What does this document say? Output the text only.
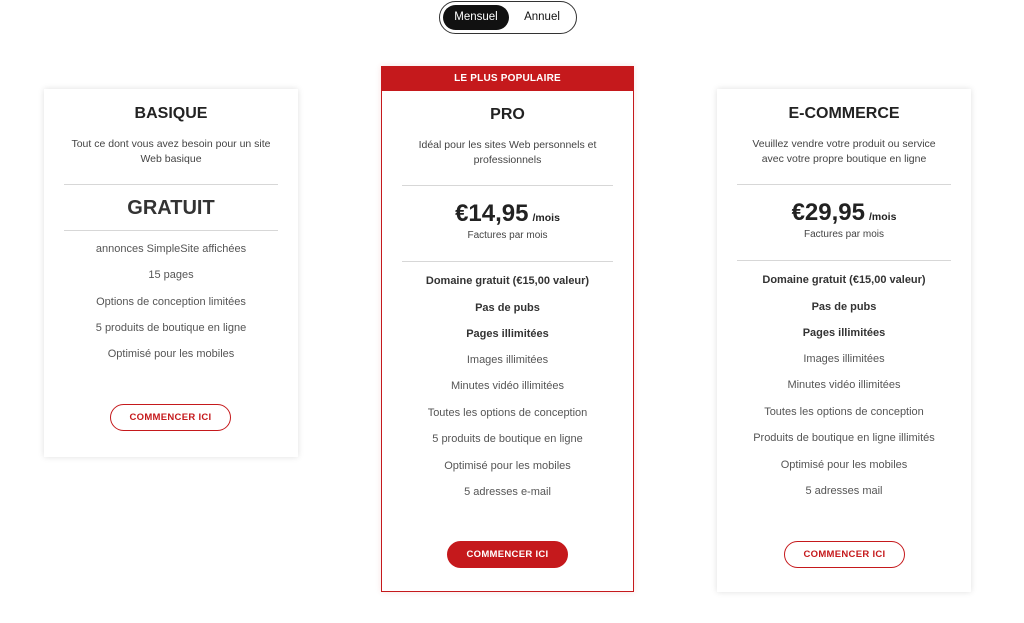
Mensuel	Annuel
BASIQUE
Tout ce dont vous avez besoin pour un site Web basique
GRATUIT
annonces SimpleSite affichées
15 pages
Options de conception limitées
5 produits de boutique en ligne
Optimisé pour les mobiles
COMMENCER ICI
LE PLUS POPULAIRE
PRO
Idéal pour les sites Web personnels et professionnels
€14,95 /mois
Factures par mois
Domaine gratuit (€15,00 valeur)
Pas de pubs
Pages illimitées
Images illimitées
Minutes vidéo illimitées
Toutes les options de conception
5 produits de boutique en ligne
Optimisé pour les mobiles
5 adresses e-mail
COMMENCER ICI
E-COMMERCE
Veuillez vendre votre produit ou service avec votre propre boutique en ligne
€29,95 /mois
Factures par mois
Domaine gratuit (€15,00 valeur)
Pas de pubs
Pages illimitées
Images illimitées
Minutes vidéo illimitées
Toutes les options de conception
Produits de boutique en ligne illimités
Optimisé pour les mobiles
5 adresses mail
COMMENCER ICI
